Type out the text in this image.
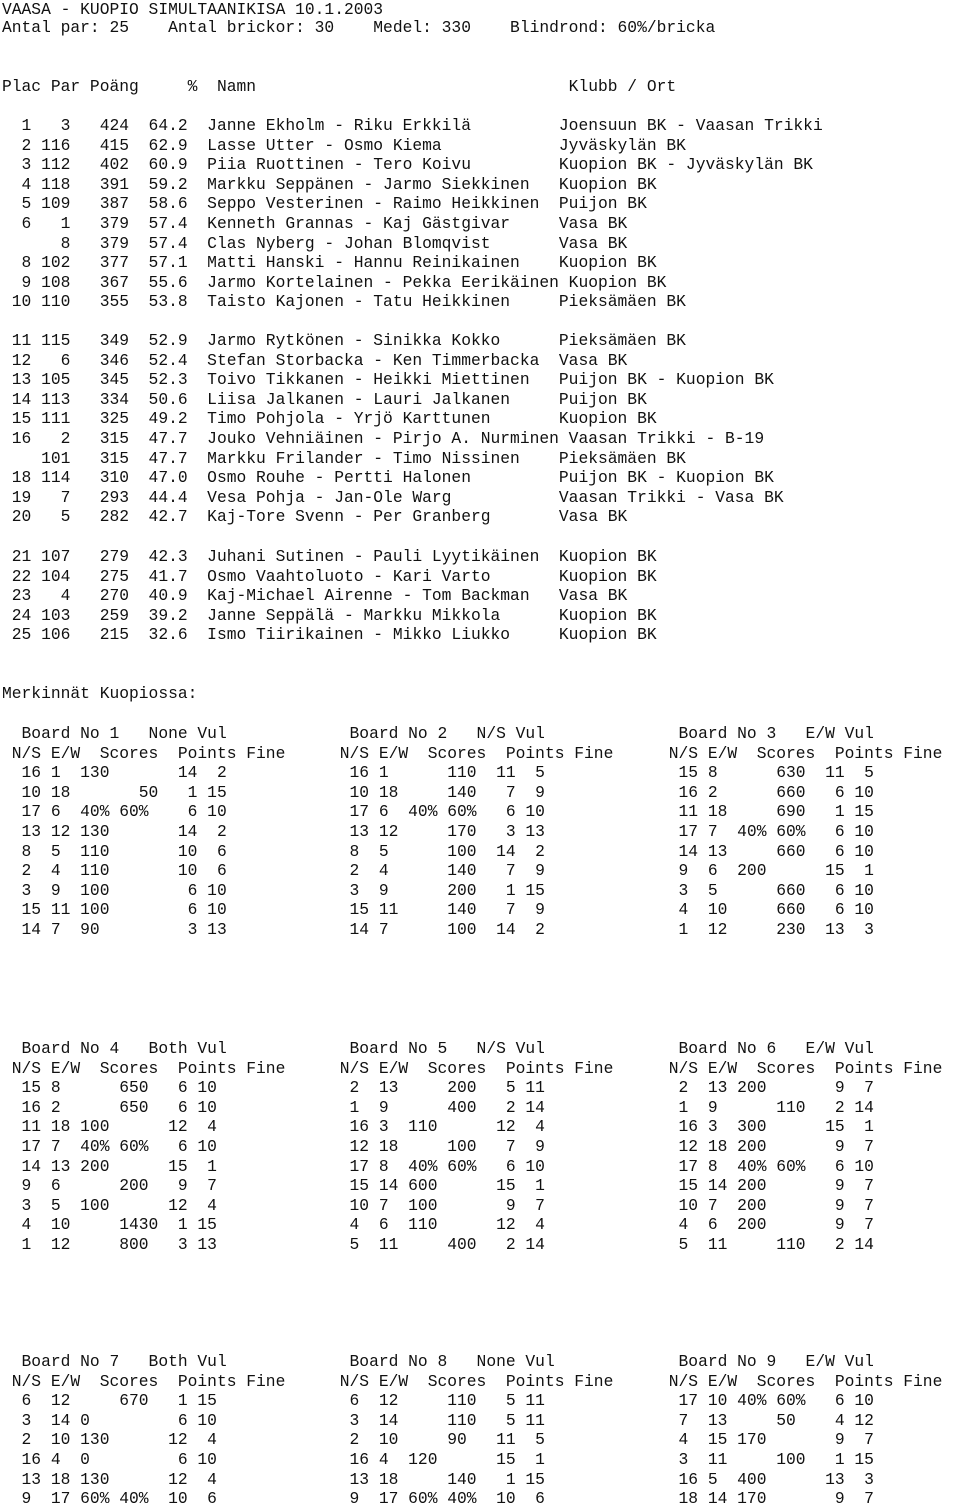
VAASA - KUOPIO SIMULTAANIKISA 10.1.2003
Antal par: 25    Antal brickor: 30    Medel: 330    Blindrond: 60%/bricka
Plac Par Poäng     %  Namn                                Klubb / Ort
1   3   424  64.2  Janne Ekholm - Riku Erkkilä         Joensuun BK - Vaasan Trikki
2 116   415  62.9  Lasse Utter - Osmo Kiema            Jyväskylän BK
3 112   402  60.9  Piia Ruottinen - Tero Koivu         Kuopion BK - Jyväskylän BK
4 118   391  59.2  Markku Seppänen - Jarmo Siekkinen   Kuopion BK
5 109   387  58.6  Seppo Vesterinen - Raimo Heikkinen  Puijon BK
6   1   379  57.4  Kenneth Grannas - Kaj Gästgivar     Vasa BK
8   379  57.4  Clas Nyberg - Johan Blomqvist       Vasa BK
8 102   377  57.1  Matti Hanski - Hannu Reinikainen    Kuopion BK
9 108   367  55.6  Jarmo Kortelainen - Pekka Eerikäinen Kuopion BK
10 110   355  53.8  Taisto Kajonen - Tatu Heikkinen     Pieksämäen BK
11 115   349  52.9  Jarmo Rytkönen - Sinikka Kokko      Pieksämäen BK
12   6   346  52.4  Stefan Storbacka - Ken Timmerbacka  Vasa BK
13 105   345  52.3  Toivo Tikkanen - Heikki Miettinen   Puijon BK - Kuopion BK
14 113   334  50.6  Liisa Jalkanen - Lauri Jalkanen     Puijon BK
15 111   325  49.2  Timo Pohjola - Yrjö Karttunen       Kuopion BK
16   2   315  47.7  Jouko Vehniäinen - Pirjo A. Nurminen Vaasan Trikki - B-19
101   315  47.7  Markku Frilander - Timo Nissinen    Pieksämäen BK
18 114   310  47.0  Osmo Rouhe - Pertti Halonen         Puijon BK - Kuopion BK
19   7   293  44.4  Vesa Pohja - Jan-Ole Warg           Vaasan Trikki - Vasa BK
20   5   282  42.7  Kaj-Tore Svenn - Per Granberg       Vasa BK
21 107   279  42.3  Juhani Sutinen - Pauli Lyytikäinen  Kuopion BK
22 104   275  41.7  Osmo Vaahtoluoto - Kari Varto       Kuopion BK
23   4   270  40.9  Kaj-Michael Airenne - Tom Backman   Vasa BK
24 103   259  39.2  Janne Seppälä - Markku Mikkola      Kuopion BK
25 106   215  32.6  Ismo Tiirikainen - Mikko Liukko     Kuopion BK
Merkinnät Kuopiossa:
Board No 1   None Vul
N/S E/W  Scores  Points Fine
16 1  130       14  2
10 18       50   1 15
17 6  40% 60%    6 10
13 12 130       14  2
8  5  110       10  6
2  4  110       10  6
3  9  100        6 10
15 11 100        6 10
14 7  90         3 13
Board No 2   N/S Vul
N/S E/W  Scores  Points Fine
16 1      110  11  5
10 18     140   7  9
17 6  40% 60%   6 10
13 12     170   3 13
8  5      100  14  2
2  4      140   7  9
3  9      200   1 15
15 11     140   7  9
14 7      100  14  2
Board No 3   E/W Vul
N/S E/W  Scores  Points Fine
15 8      630  11  5
16 2      660   6 10
11 18     690   1 15
17 7  40% 60%   6 10
14 13     660   6 10
9  6  200      15  1
3  5      660   6 10
4  10     660   6 10
1  12     230  13  3
Board No 4   Both Vul
N/S E/W  Scores  Points Fine
15 8      650   6 10
16 2      650   6 10
11 18 100      12  4
17 7  40% 60%   6 10
14 13 200      15  1
9  6      200   9  7
3  5  100      12  4
4  10     1430  1 15
1  12     800   3 13
Board No 5   N/S Vul
N/S E/W  Scores  Points Fine
2  13     200   5 11
1  9      400   2 14
16 3  110      12  4
12 18     100   7  9
17 8  40% 60%   6 10
15 14 600      15  1
10 7  100       9  7
4  6  110      12  4
5  11     400   2 14
Board No 6   E/W Vul
N/S E/W  Scores  Points Fine
2  13 200       9  7
1  9      110   2 14
16 3  300      15  1
12 18 200       9  7
17 8  40% 60%   6 10
15 14 200       9  7
10 7  200       9  7
4  6  200       9  7
5  11     110   2 14
Board No 7   Both Vul
N/S E/W  Scores  Points Fine
6  12     670   1 15
3  14 0         6 10
2  10 130      12  4
16 4  0         6 10
13 18 130      12  4
9  17 60% 40%  10  6
Board No 8   None Vul
N/S E/W  Scores  Points Fine
6  12     110   5 11
3  14     110   5 11
2  10     90   11  5
16 4  120      15  1
13 18     140   1 15
9  17 60% 40%  10  6
Board No 9   E/W Vul
N/S E/W  Scores  Points Fine
17 10 40% 60%   6 10
7  13     50    4 12
4  15 170       9  7
3  11     100   1 15
16 5  400      13  3
18 14 170       9  7
